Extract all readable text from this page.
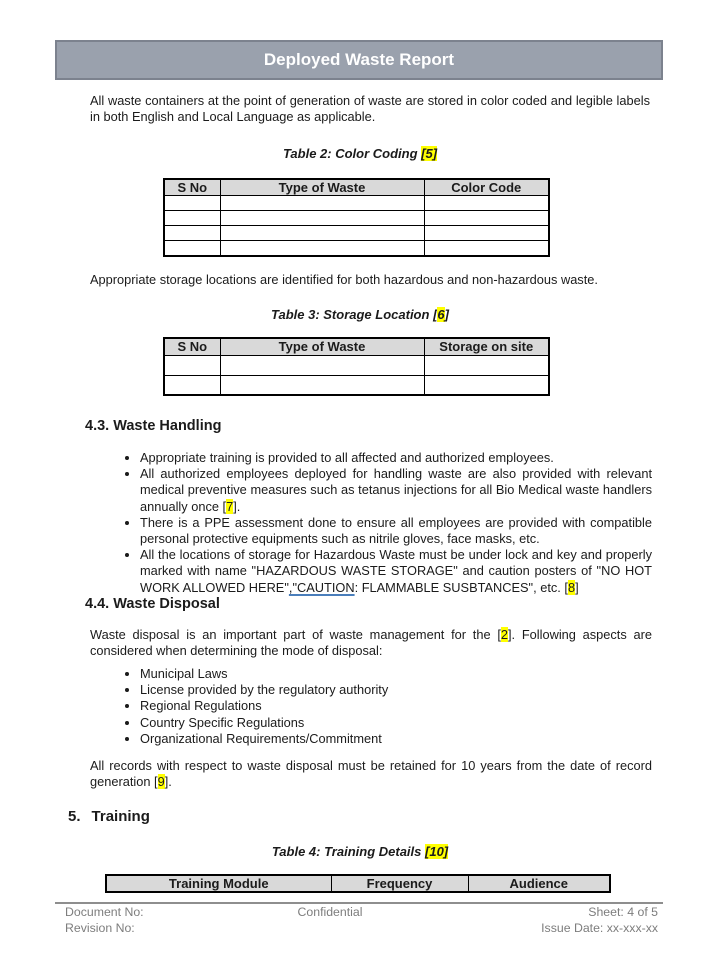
Deployed Waste Report
All waste containers at the point of generation of waste are stored in color coded and legible labels in both English and Local Language as applicable.
Table 2: Color Coding [5]
S No	Type of Waste	Color Code

Appropriate storage locations are identified for both hazardous and non-hazardous waste.
Table 3: Storage Location [6]
S No	Type of Waste	Storage on site

4.3. Waste Handling
• Appropriate training is provided to all affected and authorized employees.
• All authorized employees deployed for handling waste are also provided with relevant medical preventive measures such as tetanus injections for all Bio Medical waste handlers annually once [7].
• There is a PPE assessment done to ensure all employees are provided with compatible personal protective equipments such as nitrile gloves, face masks, etc.
• All the locations of storage for Hazardous Waste must be under lock and key and properly marked with name "HAZARDOUS WASTE STORAGE" and caution posters of "NO HOT WORK ALLOWED HERE","CAUTION: FLAMMABLE SUSBTANCES", etc. [8]
4.4. Waste Disposal
Waste disposal is an important part of waste management for the [2]. Following aspects are considered when determining the mode of disposal:
• Municipal Laws
• License provided by the regulatory authority
• Regional Regulations
• Country Specific Regulations
• Organizational Requirements/Commitment
All records with respect to waste disposal must be retained for 10 years from the date of record generation [9].
5. Training
Table 4: Training Details [10]
Training Module	Frequency	Audience
Document No:
Revision No:
Confidential	Sheet: 4 of 5
Issue Date: xx-xxx-xx
